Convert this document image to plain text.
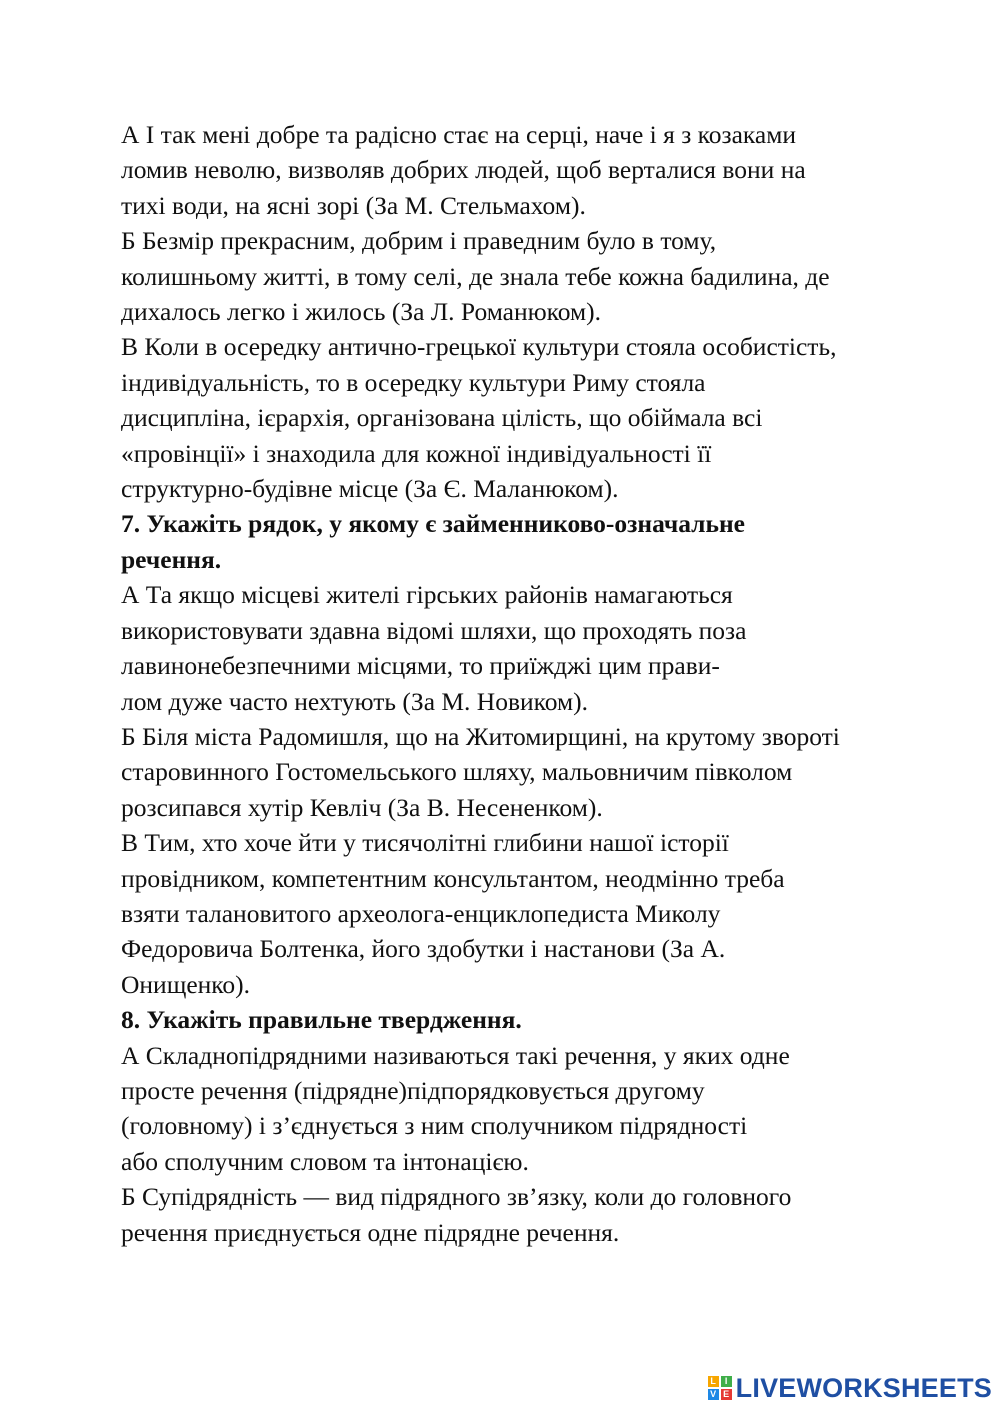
А І так мені добре та радісно стає на серці, наче і я з козаками
ломив неволю, визволяв добрих людей, щоб верталися вони на
тихі води, на ясні зорі (За М. Стельмахом).
Б Безмір прекрасним, добрим і праведним було в тому,
колишньому житті, в тому селі, де знала тебе кожна бадилина, де
дихалось легко і жилось (За Л. Романюком).
В Коли в осередку антично-грецької культури стояла особистість,
індивідуальність, то в осередку культури Риму стояла
дисципліна, ієрархія, організована цілість, що обіймала всі
«провінції» і знаходила для кожної індивідуальності її
структурно-будівне місце (За Є. Маланюком).
7. Укажіть рядок, у якому є займенниково-означальне
речення.
А Та якщо місцеві жителі гірських районів намагаються
використовувати здавна відомі шляхи, що проходять поза
лавинонебезпечними місцями, то приїжджі цим прави-
лом дуже часто нехтують (За М. Новиком).
Б Біля міста Радомишля, що на Житомирщині, на крутому звороті
старовинного Гостомельського шляху, мальовничим півколом
розсипався хутір Кевліч (За В. Несененком).
В Тим, хто хоче йти у тисячолітні глибини нашої історії
провідником, компетентним консультантом, неодмінно треба
взяти талановитого археолога-енциклопедиста Миколу
Федоровича Болтенка, його здобутки і настанови (За А.
Онищенко).
8. Укажіть правильне твердження.
А Складнопідрядними називаються такі речення, у яких одне
просте речення (підрядне)підпорядковується другому
(головному) і з’єднується з ним сполучником підрядності
або сполучним словом та інтонацією.
Б Супідрядність — вид підрядного зв’язку, коли до головного
речення приєднується одне підрядне речення.
L I
V E LIVEWORKSHEETS
